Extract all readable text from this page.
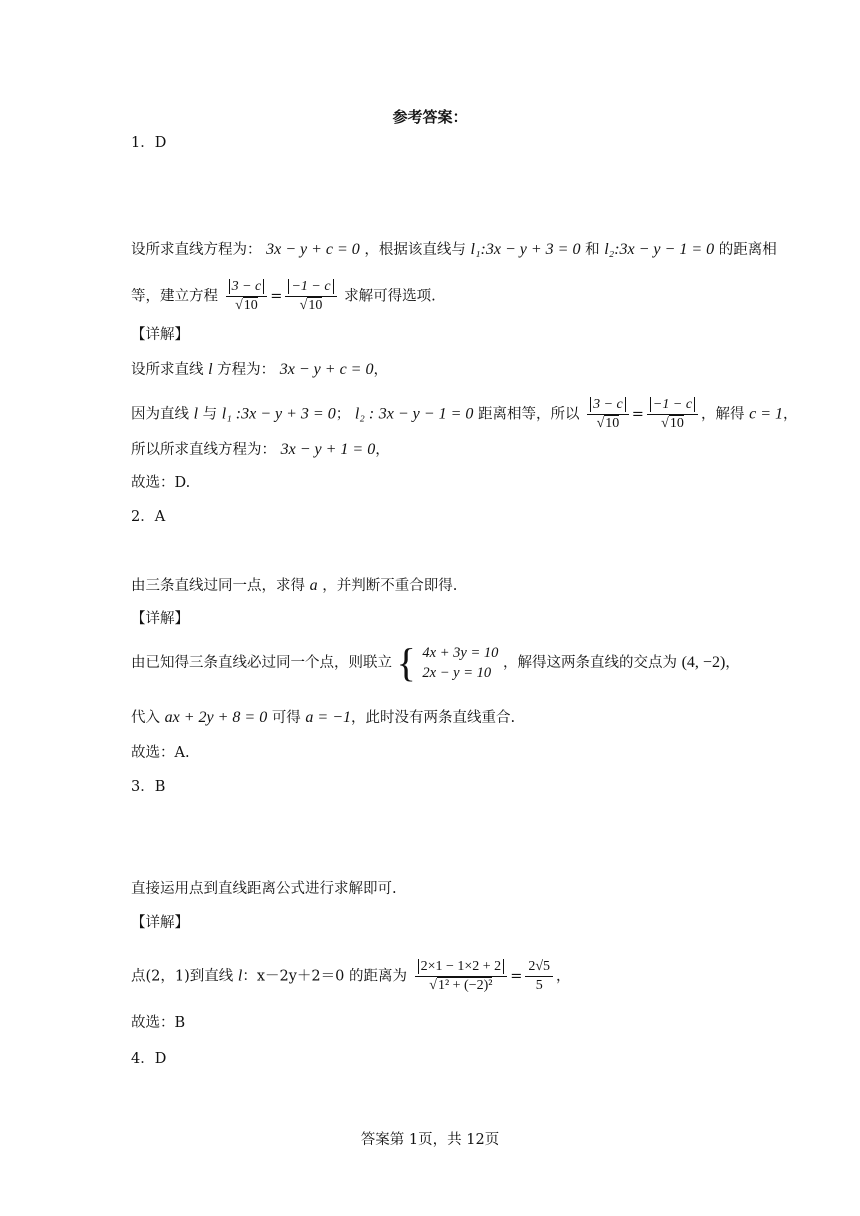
参考答案：
1．D
设所求直线方程为： 3x − y + c = 0 ，根据该直线与 l₁:3x − y + 3 = 0 和 l₂:3x − y − 1 = 0 的距离相
等，建立方程 $\frac{3 - c}{√10} = \frac{-1 - c}{√10}$ 求解可得选项.
【详解】
设所求直线 l 方程为： 3x − y + c = 0，
因为直线 l 与 l₁ :3x − y + 3 = 0； l₂ : 3x − y − 1 = 0 距离相等，所以 $\frac{3 - c}{√10} = \frac{-1 - c}{√10}$ ，解得 c = 1，
所以所求直线方程为： 3x − y + 1 = 0，
故选：D.
2．A
由三条直线过同一点，求得 a ，并判断不重合即得.
【详解】
由已知得三条直线必过同一个点，则联立 { 4x + 3y = 10
2x − y = 10
，解得这两条直线的交点为 (4, −2)，
代入 ax + 2y + 8 = 0 可得 a = −1，此时没有两条直线重合.
故选：A.
3．B
直接运用点到直线距离公式进行求解即可.
【详解】
点(2，1)到直线 l：x－2y＋2＝0 的距离为 $\frac{2\times 1 - 1\times 2 + 2}{\text{√1² + (−2)²}} = \frac{2√5}{5}$ ，
故选：B
4．D
答案第 1页，共 12页
